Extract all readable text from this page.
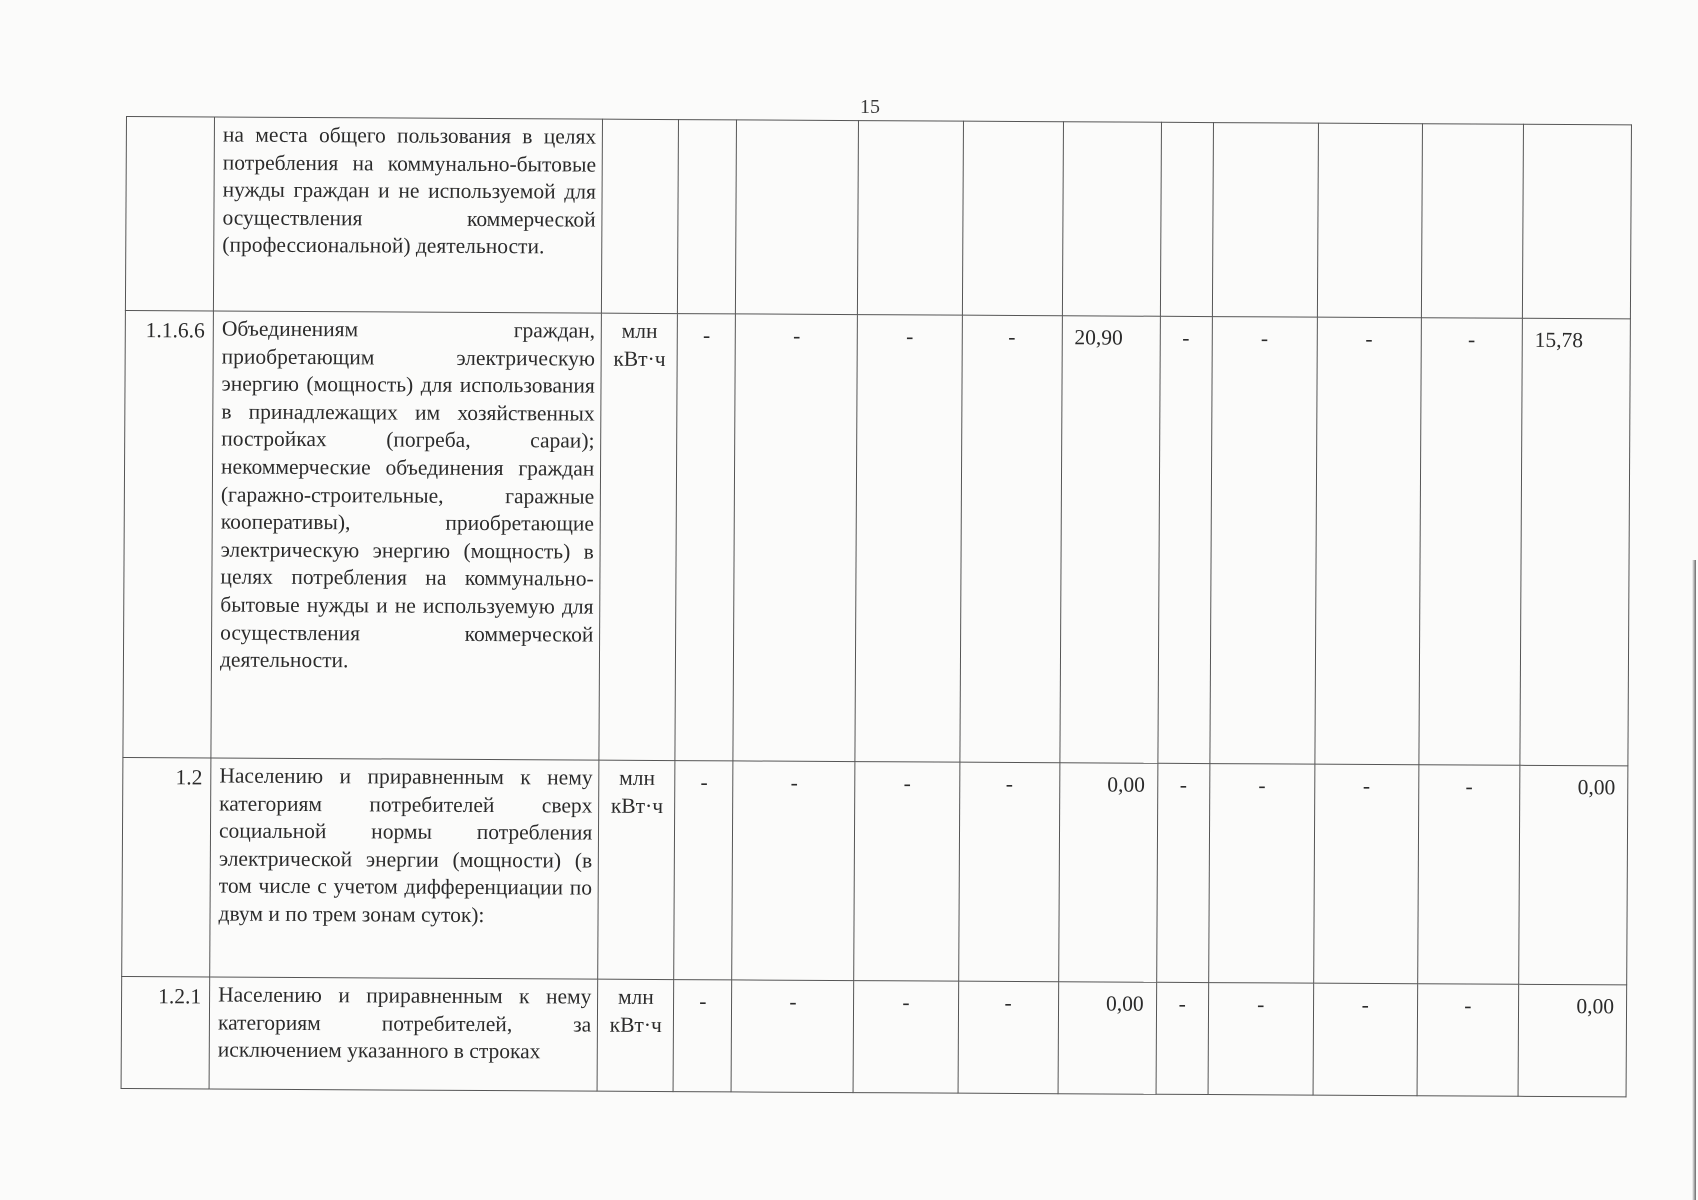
15
	на места общего пользования в целях потребления на коммунально-бытовые нужды граждан и не используемой для осуществления коммерческой (профессиональной) деятельности.											
1.1.6.6	Объединениям граждан, приобретающим электрическую энергию (мощность) для использования в принадлежащих им хозяйственных постройках (погреба, сараи); некоммерческие объединения граждан (гаражно-строительные, гаражные кооперативы), приобретающие электрическую энергию (мощность) в целях потребления на коммунально-бытовые нужды и не используемую для осуществления коммерческой деятельности.	млн кВт·ч	-	-	-	-	20,90	-	-	-	-	15,78
1.2	Населению и приравненным к нему категориям потребителей сверх социальной нормы потребления электрической энергии (мощности) (в том числе с учетом дифференциации по двум и по трем зонам суток):	млн кВт·ч	-	-	-	-	0,00	-	-	-	-	0,00
1.2.1	Населению и приравненным к нему категориям потребителей, за исключением указанного в строках	млн кВт·ч	-	-	-	-	0,00	-	-	-	-	0,00
